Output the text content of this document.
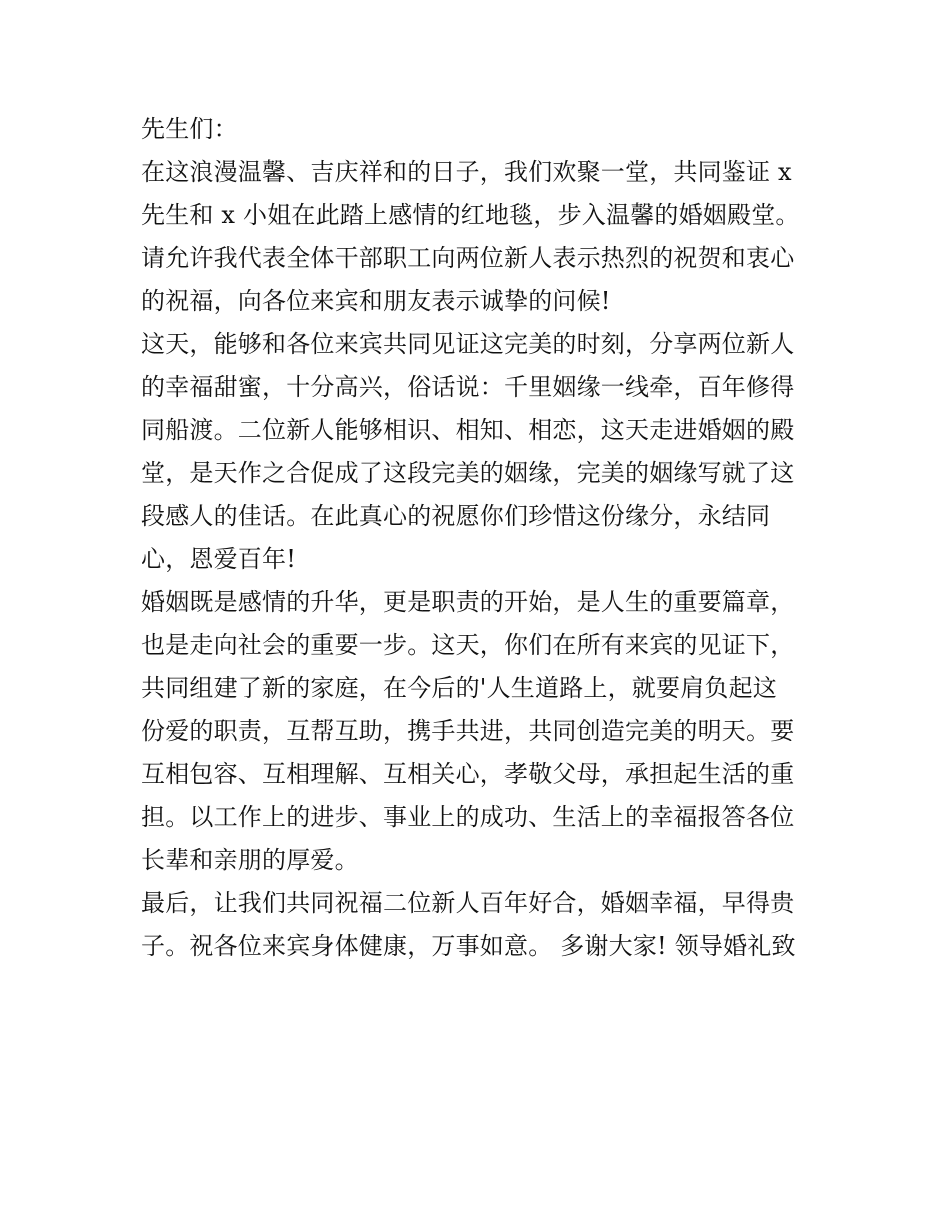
先生们：
在这浪漫温馨、吉庆祥和的日子，我们欢聚一堂，共同鉴证 x
先生和 x 小姐在此踏上感情的红地毯，步入温馨的婚姻殿堂。
请允许我代表全体干部职工向两位新人表示热烈的祝贺和衷心
的祝福，向各位来宾和朋友表示诚挚的问候!
这天，能够和各位来宾共同见证这完美的时刻，分享两位新人
的幸福甜蜜，十分高兴，俗话说：千里姻缘一线牵，百年修得
同船渡。二位新人能够相识、相知、相恋，这天走进婚姻的殿
堂，是天作之合促成了这段完美的姻缘，完美的姻缘写就了这
段感人的佳话。在此真心的祝愿你们珍惜这份缘分，永结同
心，恩爱百年!
婚姻既是感情的升华，更是职责的开始，是人生的重要篇章，
也是走向社会的重要一步。这天，你们在所有来宾的见证下，
共同组建了新的家庭，在今后的'人生道路上，就要肩负起这
份爱的职责，互帮互助，携手共进，共同创造完美的明天。要
互相包容、互相理解、互相关心，孝敬父母，承担起生活的重
担。以工作上的进步、事业上的成功、生活上的幸福报答各位
长辈和亲朋的厚爱。
最后，让我们共同祝福二位新人百年好合，婚姻幸福，早得贵
子。祝各位来宾身体健康，万事如意。 多谢大家! 领导婚礼致
